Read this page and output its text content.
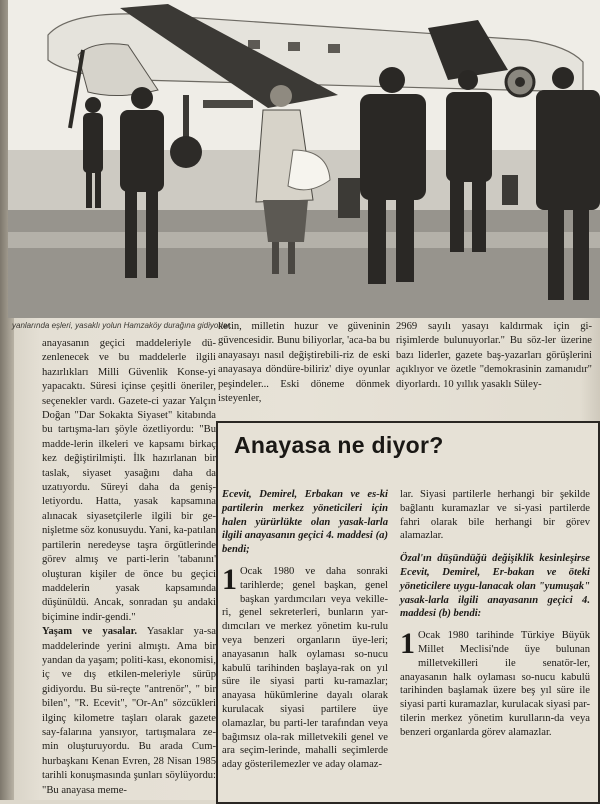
yanlarında eşleri, yasaklı yolun Hamzaköy durağına gidiyorlar.

anayasanın geçici maddeleriyle dü-zenlenecek ve bu maddelerle ilgili hazırlıkları Milli Güvenlik Konse-yi yapacaktı. Süresi içinse çeşitli öneriler, seçenekler vardı. Gazete-ci yazar Yalçın Doğan "Dar Sokakta Siyaset" kitabında bu tartışma-ları şöyle özetliyordu: "Bu madde-lerin ilkeleri ve kapsamı birkaç kez değiştirilmişti. İlk hazırlanan bir taslak, siyaset yasağını daha da uzatıyordu. Süreyi daha da geniş-letiyordu. Hatta, yasak kapsamına alınacak siyasetçilerle ilgili bir ge-nişletme söz konusuydu. Yani, ka-patılan partilerin neredeyse taşra örgütlerinde görev almış ve parti-lerin 'tabanını' oluşturan kişiler de önce bu geçici maddelerin yasak kapsamında düşünüldü. Ancak, sonradan şu andaki biçimine indir-gendi."

Yaşam ve yasalar. Yasaklar ya-sa maddelerinde yerini almıştı. Ama bir yandan da yaşam; politi-kası, ekonomisi, iç ve dış etkilen-meleriyle sürüp gidiyordu. Bu sü-reçte "antrenör", " bir bilen", "R. Ecevit", "Or-An" sözcükleri ilginç kilometre taşları olarak gazete say-falarına yansıyor, tartışmalara ze-min oluşturuyordu. Bu arada Cum-hurbaşkanı Kenan Evren, 28 Nisan 1985 tarihli konuşmasında şunları söylüyordu: "Bu anayasa meme-

ketin, milletin huzur ve güveninin güvencesidir. Bunu biliyorlar, 'aca-ba bu anayasayı nasıl değiştirebili-riz de eski anayasaya döndüre-biliriz' diye oyunlar peşindeler... Eski döneme dönmek isteyenler,

2969 sayılı yasayı kaldırmak için gi-rişimlerde bulunuyorlar." Bu söz-ler üzerine bazı liderler, gazete baş-yazarları görüşlerini açıklıyor ve özetle "demokrasinin zamanıdır" diyorlardı. 10 yıllık yasaklı Süley-

Anayasa ne diyor?

Ecevit, Demirel, Erbakan ve es-ki partilerin merkez yöneticileri için halen yürürlükte olan yasak-larla ilgili anayasanın geçici 4. maddesi (a) bendi;

1 Ocak 1980 ve daha sonraki tarihlerde; genel başkan, genel başkan yardımcıları veya vekille-ri, genel sekreterleri, bunların yar-dımcıları ve merkez yönetim ku-rulu veya benzeri organların üye-leri; anayasanın halk oylaması so-nucu kabulü tarihinden başlaya-rak on yıl süre ile siyasi parti ku-ramazlar; anayasa hükümlerine dayalı olarak kurulacak siyasi partilere üye olamazlar, bu parti-ler tarafından veya bağımsız ola-rak milletvekili genel ve ara seçim-lerinde, mahalli seçimlerde aday gösterilemezler ve aday olamaz-

lar. Siyasi partilerle herhangi bir şekilde bağlantı kuramazlar ve si-yasi partilerde fahri olarak bile herhangi bir görev alamazlar.

Özal'ın düşündüğü değişiklik kesinleşirse Ecevit, Demirel, Er-bakan ve öteki yöneticilere uygu-lanacak olan "yumuşak" yasak-larla ilgili anayasanın geçici 4. maddesi (b) bendi:

1 Ocak 1980 tarihinde Türkiye Büyük Millet Meclisi'nde üye bulunan milletvekilleri ile senatör-ler, anayasanın halk oylaması so-nucu kabulü tarihinden başlamak üzere beş yıl süre ile siyasi parti kuramazlar, kurulacak siyasi par-tilerin merkez yönetim kurulların-da veya benzeri organlarda görev alamazlar.
